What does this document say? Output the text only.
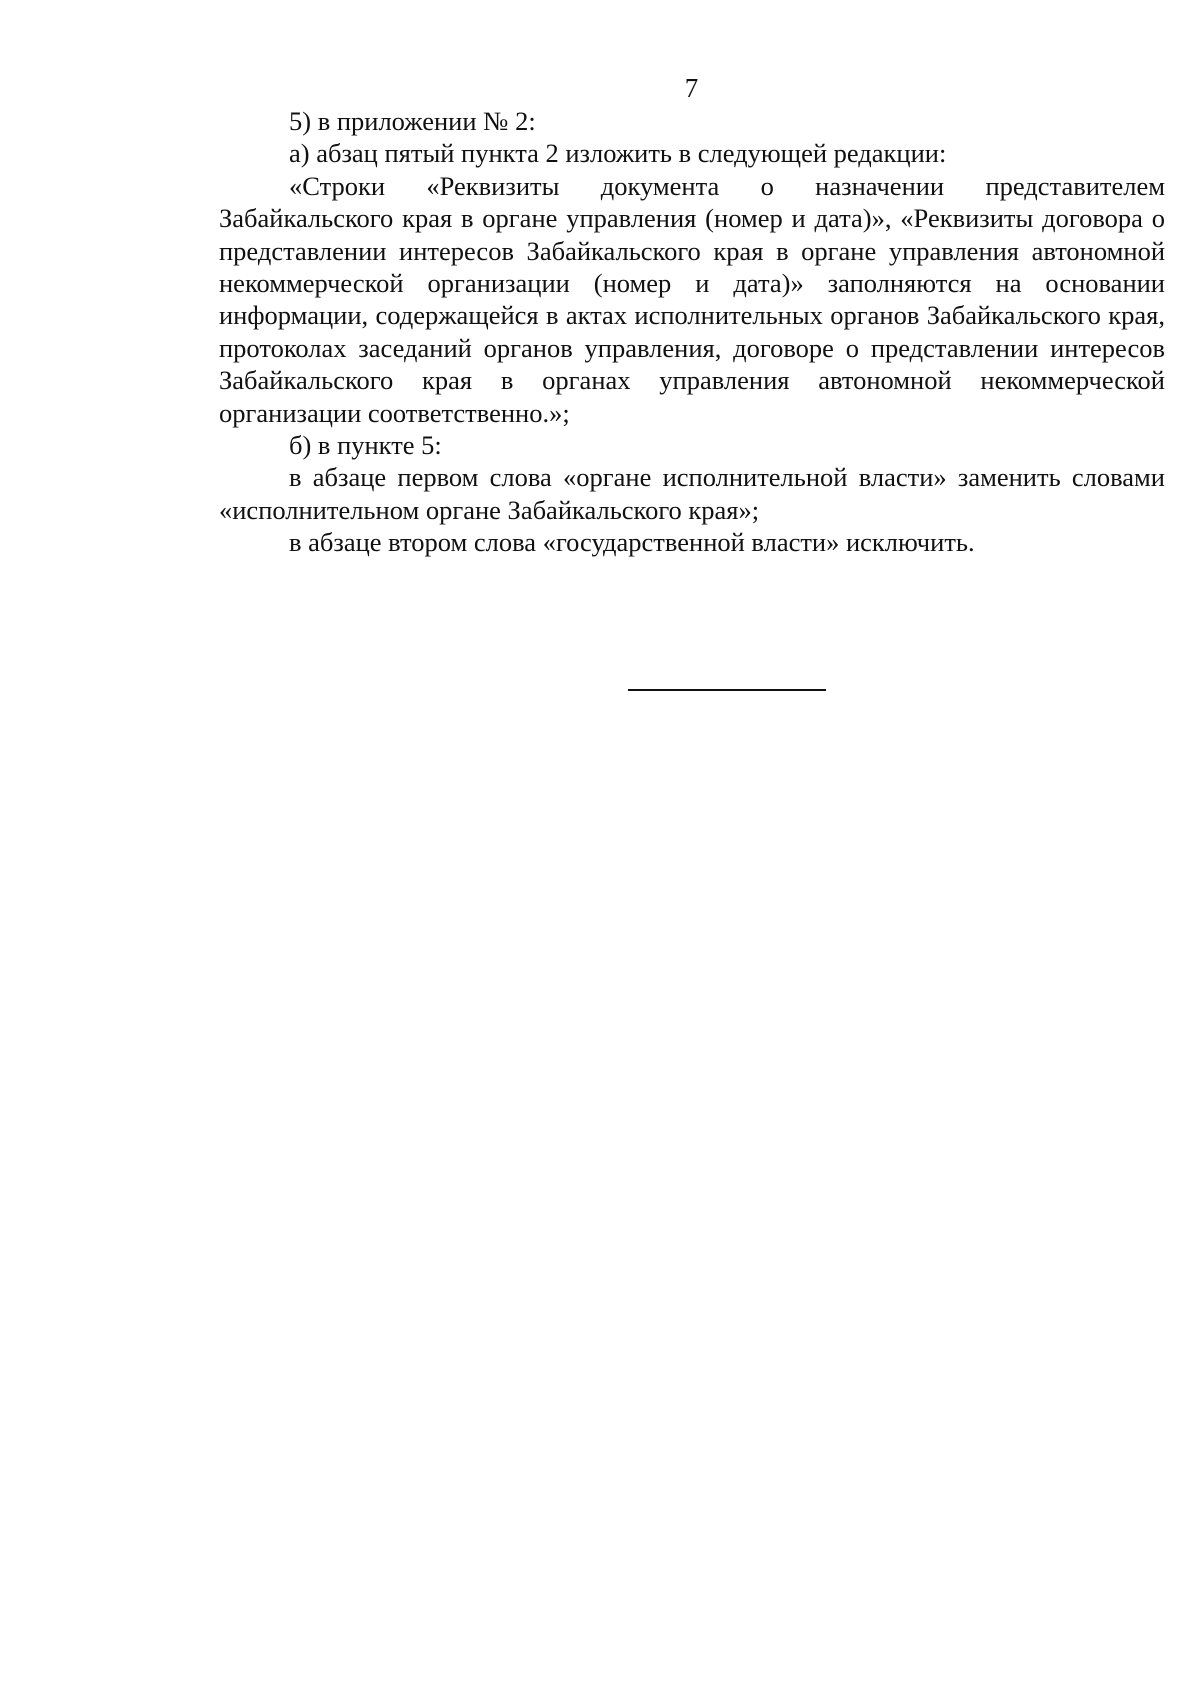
7

5) в приложении № 2:

а) абзац пятый пункта 2 изложить в следующей редакции:

«Строки «Реквизиты документа о назначении представителем Забайкальского края в органе управления (номер и дата)», «Реквизиты договора о представлении интересов Забайкальского края в органе управления автономной некоммерческой организации (номер и дата)» заполняются на основании информации, содержащейся в актах исполнительных органов Забайкальского края, протоколах заседаний органов управления, договоре о представлении интересов Забайкальского края в органах управления автономной некоммерческой организации соответственно.»;

б) в пункте 5:

в абзаце первом слова «органе исполнительной власти» заменить словами «исполнительном органе Забайкальского края»;

в абзаце втором слова «государственной власти» исключить.
